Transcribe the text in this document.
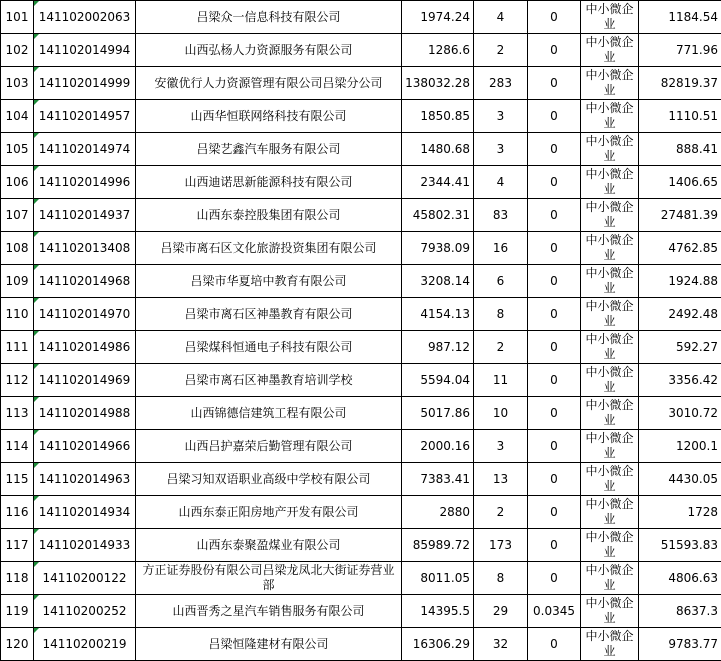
101	141102002063	吕梁众一信息科技有限公司	1974.24	4	0	中小微企业	1184.54
102	141102014994	山西弘杨人力资源服务有限公司	1286.6	2	0	中小微企业	771.96
103	141102014999	安徽优行人力资源管理有限公司吕梁分公司	138032.28	283	0	中小微企业	82819.37
104	141102014957	山西华恒联网络科技有限公司	1850.85	3	0	中小微企业	1110.51
105	141102014974	吕梁艺鑫汽车服务有限公司	1480.68	3	0	中小微企业	888.41
106	141102014996	山西迪诺思新能源科技有限公司	2344.41	4	0	中小微企业	1406.65
107	141102014937	山西东泰控股集团有限公司	45802.31	83	0	中小微企业	27481.39
108	141102013408	吕梁市离石区文化旅游投资集团有限公司	7938.09	16	0	中小微企业	4762.85
109	141102014968	吕梁市华夏培中教育有限公司	3208.14	6	0	中小微企业	1924.88
110	141102014970	吕梁市离石区神墨教育有限公司	4154.13	8	0	中小微企业	2492.48
111	141102014986	吕梁煤科恒通电子科技有限公司	987.12	2	0	中小微企业	592.27
112	141102014969	吕梁市离石区神墨教育培训学校	5594.04	11	0	中小微企业	3356.42
113	141102014988	山西锦德信建筑工程有限公司	5017.86	10	0	中小微企业	3010.72
114	141102014966	山西吕护嘉荣后勤管理有限公司	2000.16	3	0	中小微企业	1200.1
115	141102014963	吕梁习知双语职业高级中学校有限公司	7383.41	13	0	中小微企业	4430.05
116	141102014934	山西东泰正阳房地产开发有限公司	2880	2	0	中小微企业	1728
117	141102014933	山西东泰聚盈煤业有限公司	85989.72	173	0	中小微企业	51593.83
118	14110200122	方正证券股份有限公司吕梁龙凤北大街证券营业部	8011.05	8	0	中小微企业	4806.63
119	14110200252	山西晋秀之星汽车销售服务有限公司	14395.5	29	0.0345	中小微企业	8637.3
120	14110200219	吕梁恒隆建材有限公司	16306.29	32	0	中小微企业	9783.77
